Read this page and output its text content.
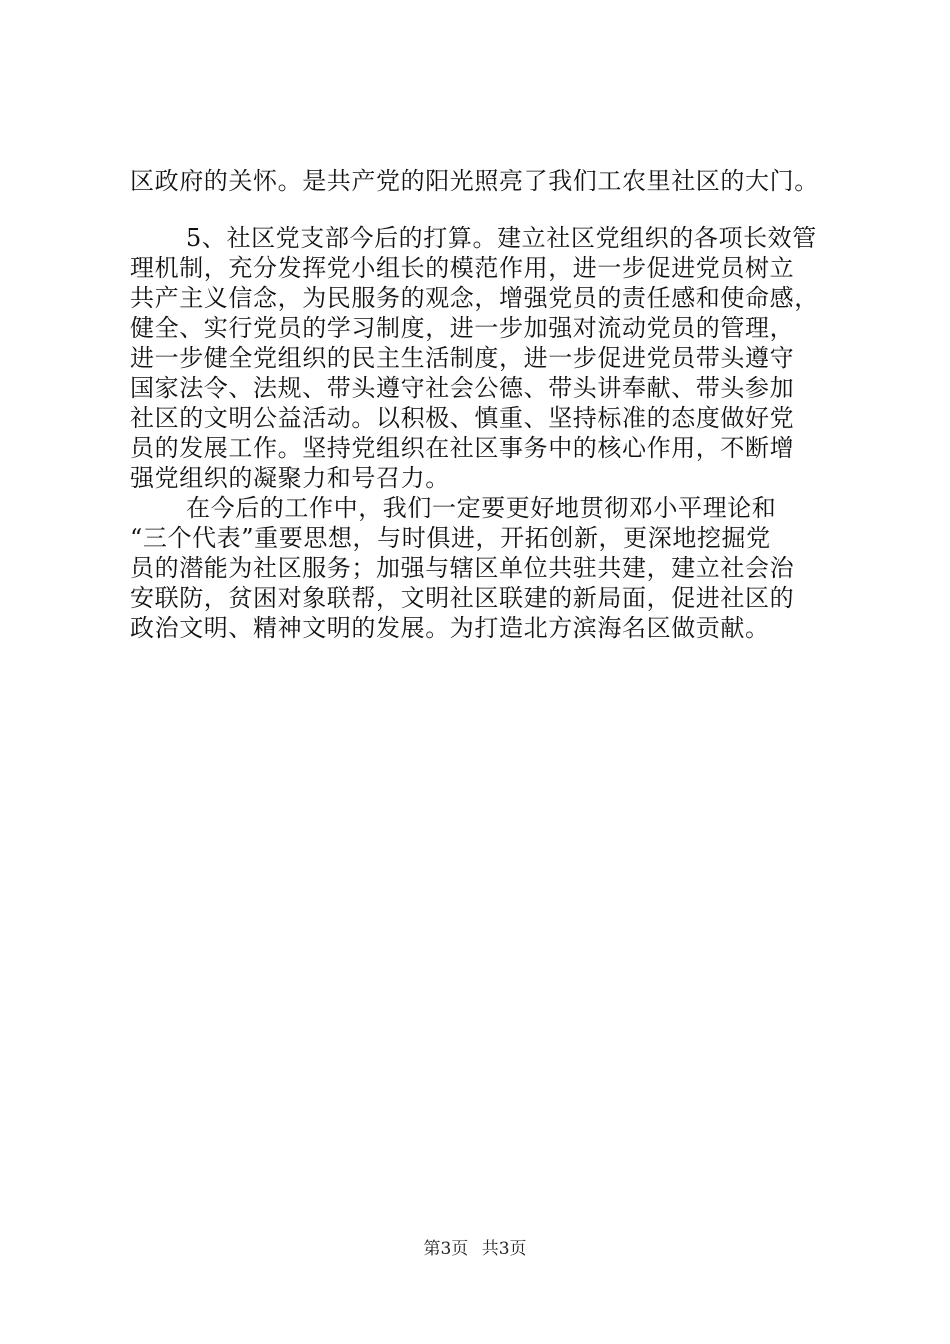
区政府的关怀。是共产党的阳光照亮了我们工农里社区的大门。
5、社区党支部今后的打算。建立社区党组织的各项长效管
理机制，充分发挥党小组长的模范作用，进一步促进党员树立
共产主义信念，为民服务的观念，增强党员的责任感和使命感，
健全、实行党员的学习制度，进一步加强对流动党员的管理，
进一步健全党组织的民主生活制度，进一步促进党员带头遵守
国家法令、法规、带头遵守社会公德、带头讲奉献、带头参加
社区的文明公益活动。以积极、慎重、坚持标准的态度做好党
员的发展工作。坚持党组织在社区事务中的核心作用，不断增
强党组织的凝聚力和号召力。
在今后的工作中，我们一定要更好地贯彻邓小平理论和
“三个代表”重要思想，与时俱进，开拓创新，更深地挖掘党
员的潜能为社区服务；加强与辖区单位共驻共建，建立社会治
安联防，贫困对象联帮，文明社区联建的新局面，促进社区的
政治文明、精神文明的发展。为打造北方滨海名区做贡献。
第3页 共3页
